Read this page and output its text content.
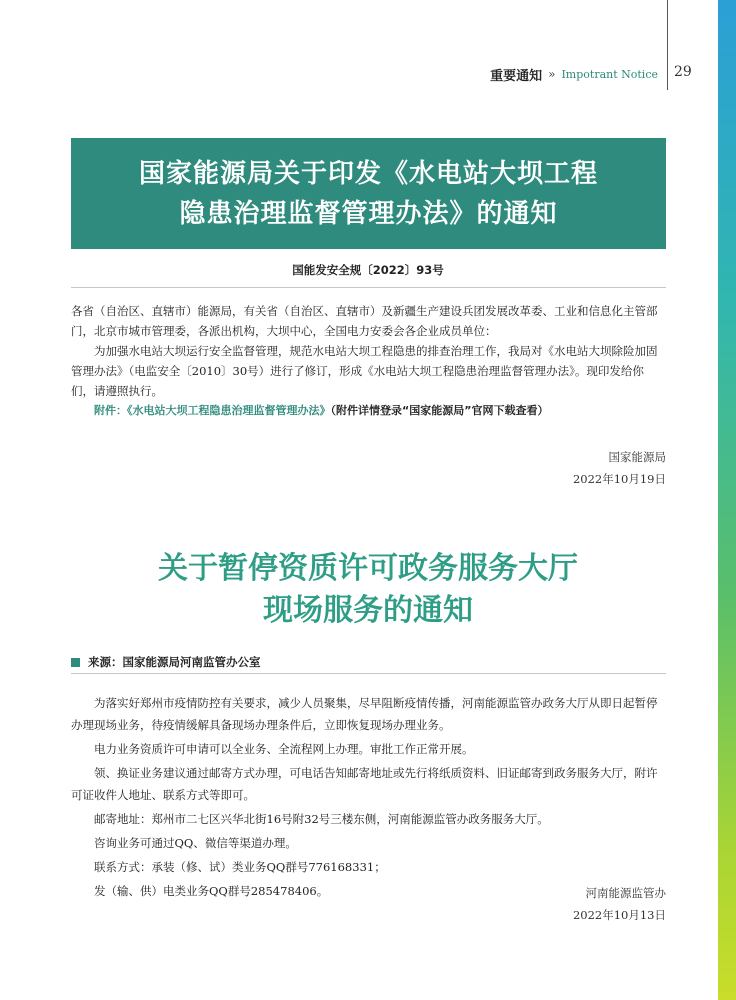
重要通知 » Impotrant Notice 29
国家能源局关于印发《水电站大坝工程
隐患治理监督管理办法》的通知
国能发安全规〔2022〕93号

各省（自治区、直辖市）能源局，有关省（自治区、直辖市）及新疆生产建设兵团发展改革委、工业和信息化主管部门，北京市城市管理委，各派出机构，大坝中心，全国电力安委会各企业成员单位：

为加强水电站大坝运行安全监督管理，规范水电站大坝工程隐患的排查治理工作，我局对《水电站大坝除险加固管理办法》（电监安全〔2010〕30号）进行了修订，形成《水电站大坝工程隐患治理监督管理办法》。现印发给你们，请遵照执行。

附件：《水电站大坝工程隐患治理监督管理办法》（附件详情登录“国家能源局”官网下载查看）

国家能源局
2022年10月19日
关于暂停资质许可政务服务大厅
现场服务的通知
来源：国家能源局河南监管办公室

为落实好郑州市疫情防控有关要求，减少人员聚集，尽早阻断疫情传播，河南能源监管办政务大厅从即日起暂停办理现场业务，待疫情缓解具备现场办理条件后，立即恢复现场办理业务。

电力业务资质许可申请可以全业务、全流程网上办理。审批工作正常开展。

领、换证业务建议通过邮寄方式办理，可电话告知邮寄地址或先行将纸质资料、旧证邮寄到政务服务大厅，附许可证收件人地址、联系方式等即可。

邮寄地址：郑州市二七区兴华北街16号附32号三楼东侧，河南能源监管办政务服务大厅。

咨询业务可通过QQ、微信等渠道办理。

联系方式：承装（修、试）类业务QQ群号776168331；

发（输、供）电类业务QQ群号285478406。	河南能源监管办
2022年10月13日
